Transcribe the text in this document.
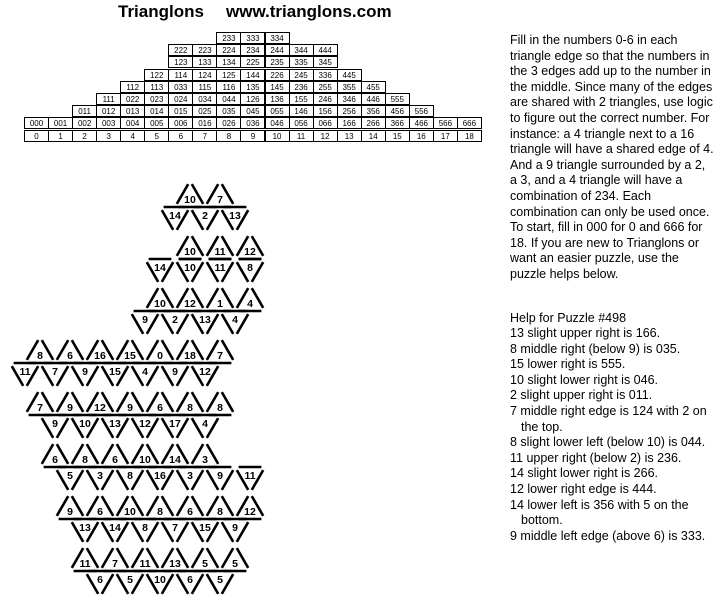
Trianglons www.trianglons.com
233	333	334
222	223	224	234	244	344	444
123	133	134	225	235	335	345
122	114	124	125	144	226	245	336	445
112	113	033	115	116	135	145	236	255	355	455
111	022	023	024	034	044	126	136	155	246	346	446	555
011	012	013	014	015	025	035	045	055	146	156	256	356	456	556
000	001	002	003	004	005	006	016	026	036	046	056	066	166	266	366	466	566	666
0	1	2	3	4	5	6	7	8	9	10	11	12	13	14	15	16	17	18

Fill in the numbers 0-6 in each triangle edge so that the numbers in the 3 edges add up to the number in the middle. Since many of the edges are shared with 2 triangles, use logic to figure out the correct number. For instance: a 4 triangle next to a 16 triangle will have a shared edge of 4. And a 9 triangle surrounded by a 2, a 3, and a 4 triangle will have a combination of 234. Each combination can only be used once. To start, fill in 000 for 0 and 666 for 18. If you are new to Trianglons or want an easier puzzle, use the puzzle helps below.

Help for Puzzle #498
13 slight upper right is 166.
8 middle right (below 9) is 035.
15 lower right is 555.
10 slight lower right is 046.
2 slight upper right is 011.
7 middle right edge is 124 with 2 on the top.
8 slight lower left (below 10) is 044.
11 upper right (below 2) is 236.
14 slight lower right is 266.
12 lower right edge is 444.
14 lower left is 356 with 5 on the bottom.
9 middle left edge (above 6) is 333.
10 7
14 2 13
10 11 12
14 10 11 8
10 12 1 4
9 2 13 4
8 6 16 15 0 18 7
11 7 9 15 4 9 12
7 9 12 9 6 8 8
9 10 13 12 17 4
6 8 6 10 14 3
5 3 8 16 3 9 11
9 6 10 8 6 8 12
13 14 8 7 15 9
11 7 11 13 5 5
6 5 10 6 5
